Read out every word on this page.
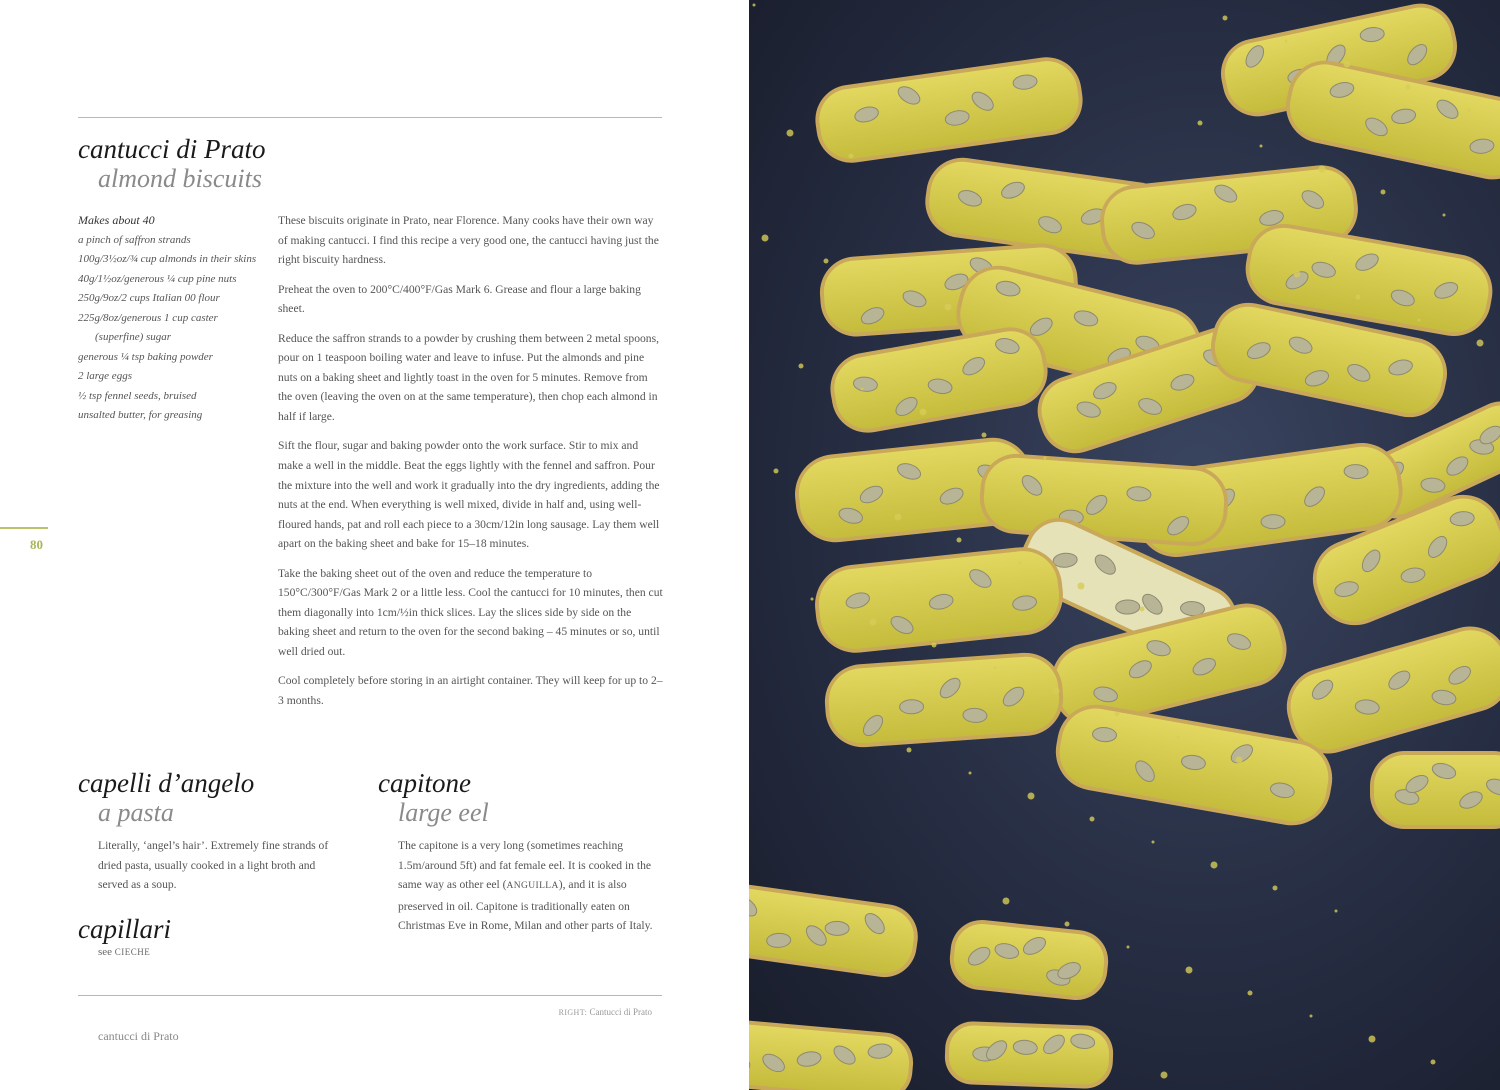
cantucci di Prato
almond biscuits
Makes about 40
a pinch of saffron strands
100g/3½oz/¾ cup almonds in their skins
40g/1½oz/generous ¼ cup pine nuts
250g/9oz/2 cups Italian 00 flour
225g/8oz/generous 1 cup caster (superfine) sugar
generous ¼ tsp baking powder
2 large eggs
½ tsp fennel seeds, bruised
unsalted butter, for greasing

These biscuits originate in Prato, near Florence. Many cooks have their own way of making cantucci. I find this recipe a very good one, the cantucci having just the right biscuity hardness.

Preheat the oven to 200°C/400°F/Gas Mark 6. Grease and flour a large baking sheet.

Reduce the saffron strands to a powder by crushing them between 2 metal spoons, pour on 1 teaspoon boiling water and leave to infuse. Put the almonds and pine nuts on a baking sheet and lightly toast in the oven for 5 minutes. Remove from the oven (leaving the oven on at the same temperature), then chop each almond in half if large.

Sift the flour, sugar and baking powder onto the work surface. Stir to mix and make a well in the middle. Beat the eggs lightly with the fennel and saffron. Pour the mixture into the well and work it gradually into the dry ingredients, adding the nuts at the end. When everything is well mixed, divide in half and, using well-floured hands, pat and roll each piece to a 30cm/12in long sausage. Lay them well apart on the baking sheet and bake for 15–18 minutes.

Take the baking sheet out of the oven and reduce the temperature to 150°C/300°F/Gas Mark 2 or a little less. Cool the cantucci for 10 minutes, then cut them diagonally into 1cm/½in thick slices. Lay the slices side by side on the baking sheet and return to the oven for the second baking – 45 minutes or so, until well dried out.

Cool completely before storing in an airtight container. They will keep for up to 2–3 months.

80
capelli d’angelo
a pasta

Literally, ‘angel’s hair’. Extremely fine strands of dried pasta, usually cooked in a light broth and served as a soup.

capillari
see CIECHE
capitone
large eel

The capitone is a very long (sometimes reaching 1.5m/around 5ft) and fat female eel. It is cooked in the same way as other eel (ANGUILLA), and it is also preserved in oil. Capitone is traditionally eaten on Christmas Eve in Rome, Milan and other parts of Italy.

RIGHT: Cantucci di Prato
cantucci di Prato
